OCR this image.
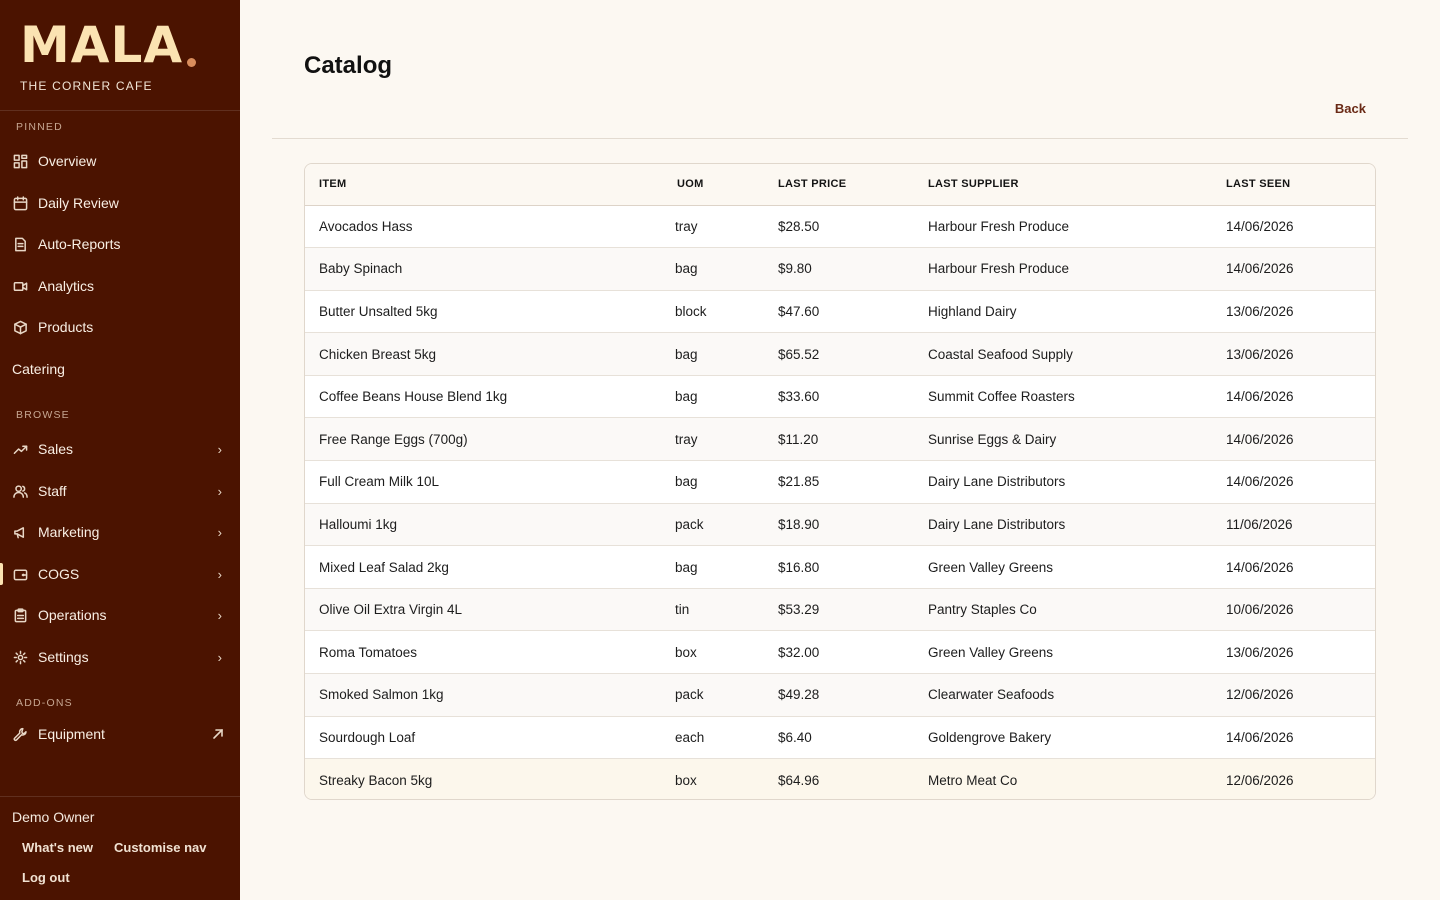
MALA
THE CORNER CAFE
PINNED
Overview
Daily Review
Auto-Reports
Analytics
Products
Catering
BROWSE
Sales	›
Staff	›
Marketing	›
COGS	›
Operations	›
Settings	›
ADD-ONS
Equipment
Demo Owner
What's new Customise nav
Log out
Catalog
Back
ITEM	UOM	LAST PRICE	LAST SUPPLIER	LAST SEEN
Avocados Hass	tray	$28.50	Harbour Fresh Produce	14/06/2026
Baby Spinach	bag	$9.80	Harbour Fresh Produce	14/06/2026
Butter Unsalted 5kg	block	$47.60	Highland Dairy	13/06/2026
Chicken Breast 5kg	bag	$65.52	Coastal Seafood Supply	13/06/2026
Coffee Beans House Blend 1kg	bag	$33.60	Summit Coffee Roasters	14/06/2026
Free Range Eggs (700g)	tray	$11.20	Sunrise Eggs & Dairy	14/06/2026
Full Cream Milk 10L	bag	$21.85	Dairy Lane Distributors	14/06/2026
Halloumi 1kg	pack	$18.90	Dairy Lane Distributors	11/06/2026
Mixed Leaf Salad 2kg	bag	$16.80	Green Valley Greens	14/06/2026
Olive Oil Extra Virgin 4L	tin	$53.29	Pantry Staples Co	10/06/2026
Roma Tomatoes	box	$32.00	Green Valley Greens	13/06/2026
Smoked Salmon 1kg	pack	$49.28	Clearwater Seafoods	12/06/2026
Sourdough Loaf	each	$6.40	Goldengrove Bakery	14/06/2026
Streaky Bacon 5kg	box	$64.96	Metro Meat Co	12/06/2026
